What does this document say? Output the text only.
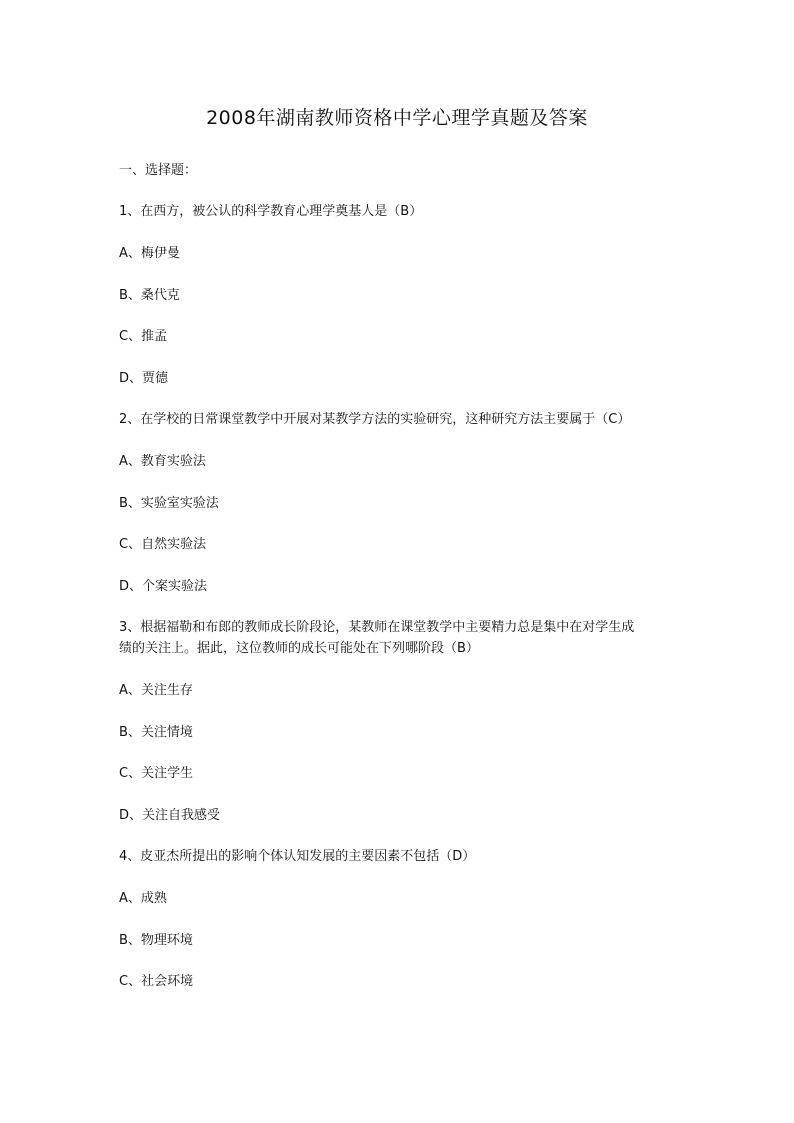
2008年湖南教师资格中学心理学真题及答案
一、选择题：
1、在西方，被公认的科学教育心理学奠基人是（B）
A、梅伊曼
B、桑代克
C、推孟
D、贾德
2、在学校的日常课堂教学中开展对某教学方法的实验研究，这种研究方法主要属于（C）
A、教育实验法
B、实验室实验法
C、自然实验法
D、个案实验法
3、根据福勒和布郎的教师成长阶段论，某教师在课堂教学中主要精力总是集中在对学生成
绩的关注上。据此，这位教师的成长可能处在下列哪阶段（B）
A、关注生存
B、关注情境
C、关注学生
D、关注自我感受
4、皮亚杰所提出的影响个体认知发展的主要因素不包括（D）
A、成熟
B、物理环境
C、社会环境
